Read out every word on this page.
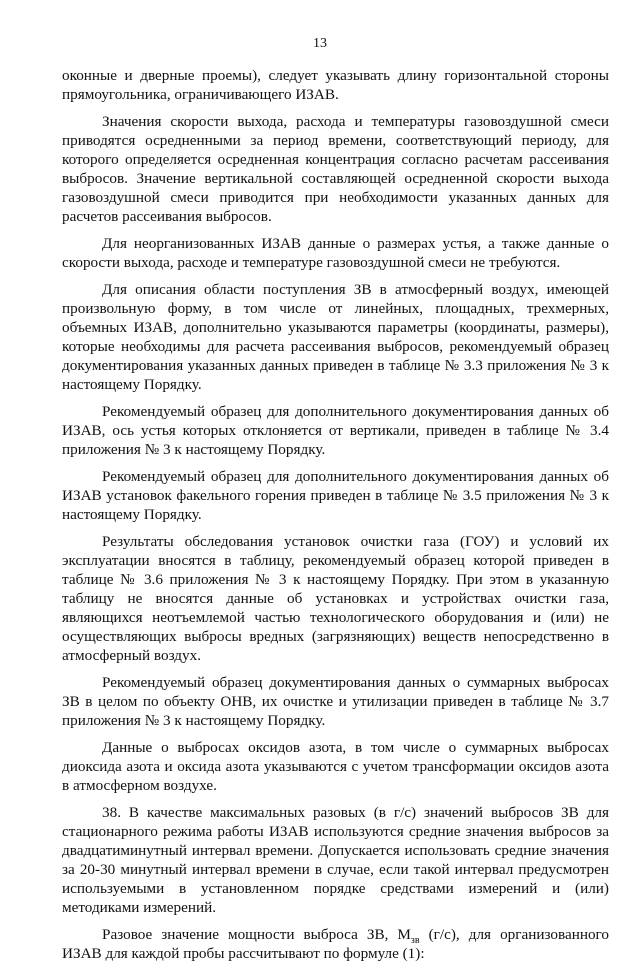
13

оконные и дверные проемы), следует указывать длину горизонтальной стороны прямоугольника, ограничивающего ИЗАВ.

Значения скорости выхода, расхода и температуры газовоздушной смеси приводятся осредненными за период времени, соответствующий периоду, для которого определяется осредненная концентрация согласно расчетам рассеивания выбросов. Значение вертикальной составляющей осредненной скорости выхода газовоздушной смеси приводится при необходимости указанных данных для расчетов рассеивания выбросов.

Для неорганизованных ИЗАВ данные о размерах устья, а также данные о скорости выхода, расходе и температуре газовоздушной смеси не требуются.

Для описания области поступления ЗВ в атмосферный воздух, имеющей произвольную форму, в том числе от линейных, площадных, трехмерных, объемных ИЗАВ, дополнительно указываются параметры (координаты, размеры), которые необходимы для расчета рассеивания выбросов, рекомендуемый образец документирования указанных данных приведен в таблице № 3.3 приложения № 3 к настоящему Порядку.

Рекомендуемый образец для дополнительного документирования данных об ИЗАВ, ось устья которых отклоняется от вертикали, приведен в таблице № 3.4 приложения № 3 к настоящему Порядку.

Рекомендуемый образец для дополнительного документирования данных об ИЗАВ установок факельного горения приведен в таблице № 3.5 приложения № 3 к настоящему Порядку.

Результаты обследования установок очистки газа (ГОУ) и условий их эксплуатации вносятся в таблицу, рекомендуемый образец которой приведен в таблице № 3.6 приложения № 3 к настоящему Порядку. При этом в указанную таблицу не вносятся данные об установках и устройствах очистки газа, являющихся неотъемлемой частью технологического оборудования и (или) не осуществляющих выбросы вредных (загрязняющих) веществ непосредственно в атмосферный воздух.

Рекомендуемый образец документирования данных о суммарных выбросах ЗВ в целом по объекту ОНВ, их очистке и утилизации приведен в таблице № 3.7 приложения № 3 к настоящему Порядку.

Данные о выбросах оксидов азота, в том числе о суммарных выбросах диоксида азота и оксида азота указываются с учетом трансформации оксидов азота в атмосферном воздухе.

38. В качестве максимальных разовых (в г/с) значений выбросов ЗВ для стационарного режима работы ИЗАВ используются средние значения выбросов за двадцатиминутный интервал времени. Допускается использовать средние значения за 20-30 минутный интервал времени в случае, если такой интервал предусмотрен используемыми в установленном порядке средствами измерений и (или) методиками измерений.

Разовое значение мощности выброса ЗВ, $M_{зв}$ (г/с), для организованного ИЗАВ для каждой пробы рассчитывают по формуле (1):
